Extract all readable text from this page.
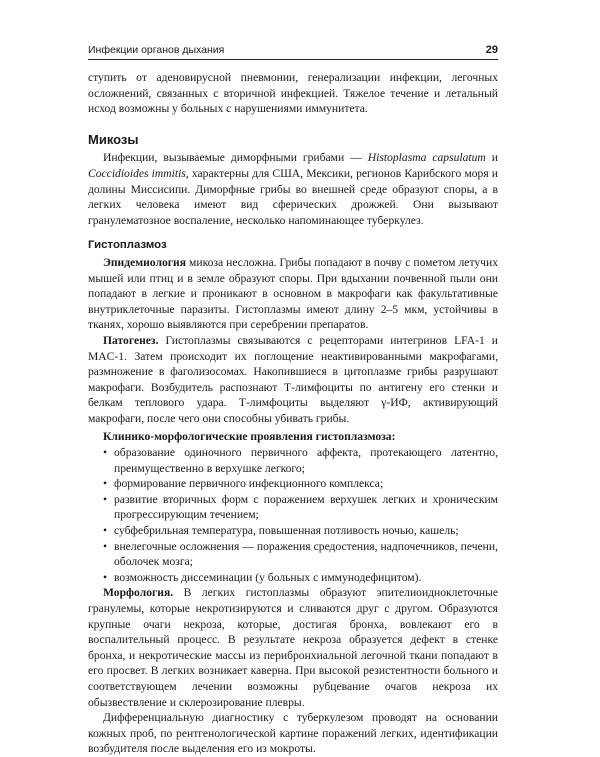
Инфекции органов дыхания	29

ступить от аденовирусной пневмонии, генерализации инфекции, легочных осложнений, связанных с вторичной инфекцией. Тяжелое течение и летальный исход возможны у больных с нарушениями иммунитета.

Микозы

Инфекции, вызываемые диморфными грибами — Histoplasma capsulatum и Coccidioides immitis, характерны для США, Мексики, регионов Карибского моря и долины Миссисипи. Диморфные грибы во внешней среде образуют споры, а в легких человека имеют вид сферических дрожжей. Они вызывают гранулематозное воспаление, несколько напоминающее туберкулез.

Гистоплазмоз

Эпидемиология микоза несложна. Грибы попадают в почву с пометом летучих мышей или птиц и в земле образуют споры. При вдыхании почвенной пыли они попадают в легкие и проникают в основном в макрофаги как факультативные внутриклеточные паразиты. Гистоплазмы имеют длину 2–5 мкм, устойчивы в тканях, хорошо выявляются при серебрении препаратов.

Патогенез. Гистоплазмы связываются с рецепторами интегринов LFA-1 и MAC-1. Затем происходит их поглощение неактивированными макрофагами, размножение в фаголизосомах. Накопившиеся в цитоплазме грибы разрушают макрофаги. Возбудитель распознают Т-лимфоциты по антигену его стенки и белкам теплового удара. Т-лимфоциты выделяют γ-ИФ, активирующий макрофаги, после чего они способны убивать грибы.

Клинико-морфологические проявления гистоплазмоза:
• образование одиночного первичного аффекта, протекающего латентно, преимущественно в верхушке легкого;
• формирование первичного инфекционного комплекса;
• развитие вторичных форм с поражением верхушек легких и хроническим прогрессирующим течением;
• субфебрильная температура, повышенная потливость ночью, кашель;
• внелегочные осложнения — поражения средостения, надпочечников, печени, оболочек мозга;
• возможность диссеминации (у больных с иммунодефицитом).

Морфология. В легких гистоплазмы образуют эпителиоидноклеточные гранулемы, которые некротизируются и сливаются друг с другом. Образуются крупные очаги некроза, которые, достигая бронха, вовлекают его в воспалительный процесс. В результате некроза образуется дефект в стенке бронха, и некротические массы из перибронхиальной легочной ткани попадают в его просвет. В легких возникает каверна. При высокой резистентности больного и соответствующем лечении возможны рубцевание очагов некроза их обызвествление и склерозирование плевры.

Дифференциальную диагностику с туберкулезом проводят на основании кожных проб, по рентгенологической картине поражений легких, идентификации возбудителя после выделения его из мокроты.
